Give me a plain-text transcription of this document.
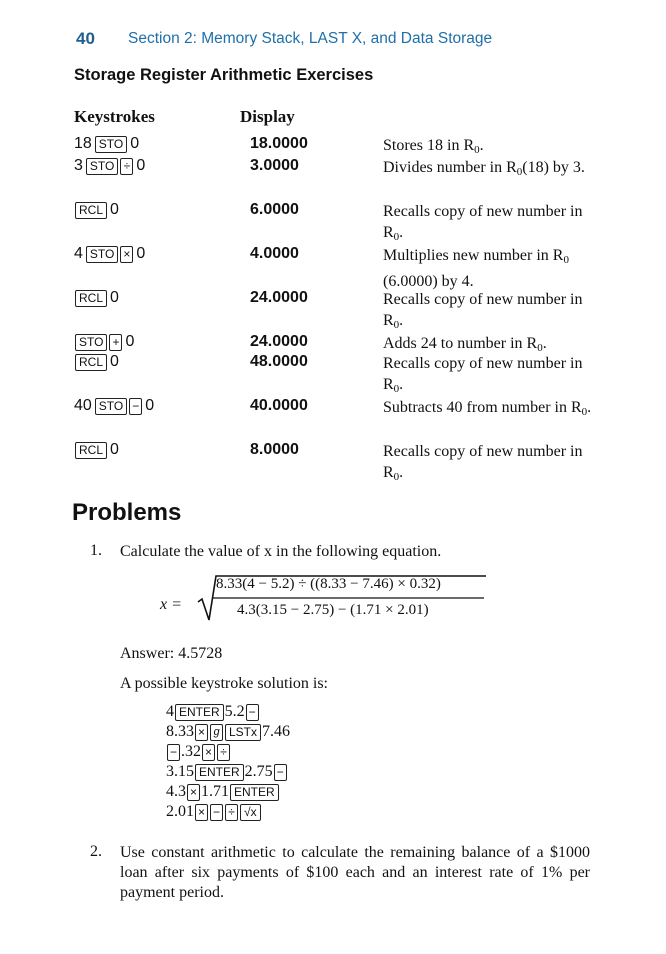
40 Section 2: Memory Stack, LAST X, and Data Storage
Storage Register Arithmetic Exercises
Keystrokes	Display
18 STO 0	18.0000	Stores 18 in $R_0$.
3 STO ÷ 0	3.0000	Divides number in $R_0(18)$ by 3.
RCL 0	6.0000	Recalls copy of new number in $R_0$.
4 STO × 0	4.0000	Multiplies new number in $R_0$ (6.0000) by 4.
RCL 0	24.0000	Recalls copy of new number in $R_0$.
STO + 0	24.0000	Adds 24 to number in $R_0$.
RCL 0	48.0000	Recalls copy of new number in $R_0$.
40 STO − 0	40.0000	Subtracts 40 from number in $R_0$.
RCL 0	8.0000	Recalls copy of new number in $R_0$.
Problems
1. Calculate the value of x in the following equation.
x =
8.33(4 − 5.2) ÷ ((8.33 − 7.46) × 0.32)
4.3(3.15 − 2.75) − (1.71 × 2.01)
Answer: 4.5728
A possible keystroke solution is:
4 ENTER 5.2 −
8.33 × g LSTx 7.46
− .32 × ÷
3.15 ENTER 2.75 −
4.3 × 1.71 ENTER
2.01 × − ÷ √x
2. Use constant arithmetic to calculate the remaining balance of a $1000 loan after six payments of $100 each and an interest rate of 1% per payment period.
